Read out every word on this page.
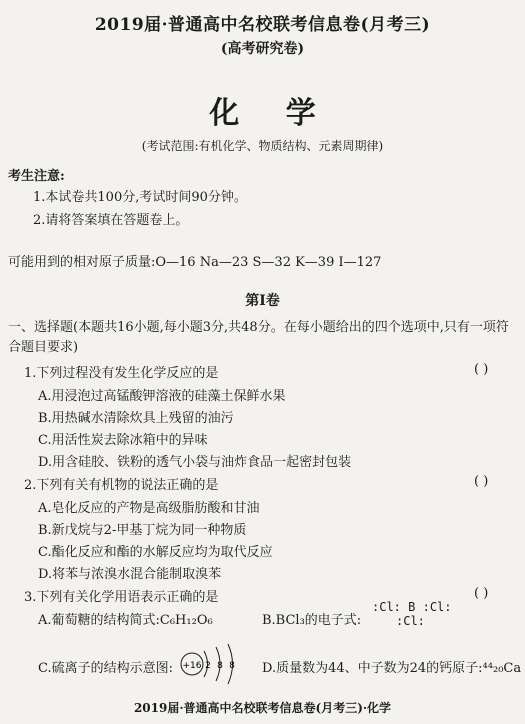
2019届·普通高中名校联考信息卷(月考三)
(高考研究卷)
化 学
(考试范围:有机化学、物质结构、元素周期律)
考生注意:
1.本试卷共100分,考试时间90分钟。
2.请将答案填在答题卷上。
可能用到的相对原子质量:O—16 Na—23 S—32 K—39 I—127
第Ⅰ卷
一、选择题(本题共16小题,每小题3分,共48分。在每小题给出的四个选项中,只有一项符合题目要求)
1.下列过程没有发生化学反应的是	( )
A.用浸泡过高锰酸钾溶液的硅藻土保鲜水果
B.用热碱水清除炊具上残留的油污
C.用活性炭去除冰箱中的异味
D.用含硅胶、铁粉的透气小袋与油炸食品一起密封包装
2.下列有关有机物的说法正确的是	( )
A.皂化反应的产物是高级脂肪酸和甘油
B.新戊烷与2-甲基丁烷为同一种物质
C.酯化反应和酯的水解反应均为取代反应
D.将苯与浓溴水混合能制取溴苯
3.下列有关化学用语表示正确的是	( )
A.葡萄糖的结构简式:C₆H₁₂O₆	B.BCl₃的电子式:
:Cl: B :Cl:
:Cl:
C.硫离子的结构示意图: +16 2 8 8 D.质量数为44、中子数为24的钙原子:⁴⁴₂₀Ca
2019届·普通高中名校联考信息卷(月考三)·化学
